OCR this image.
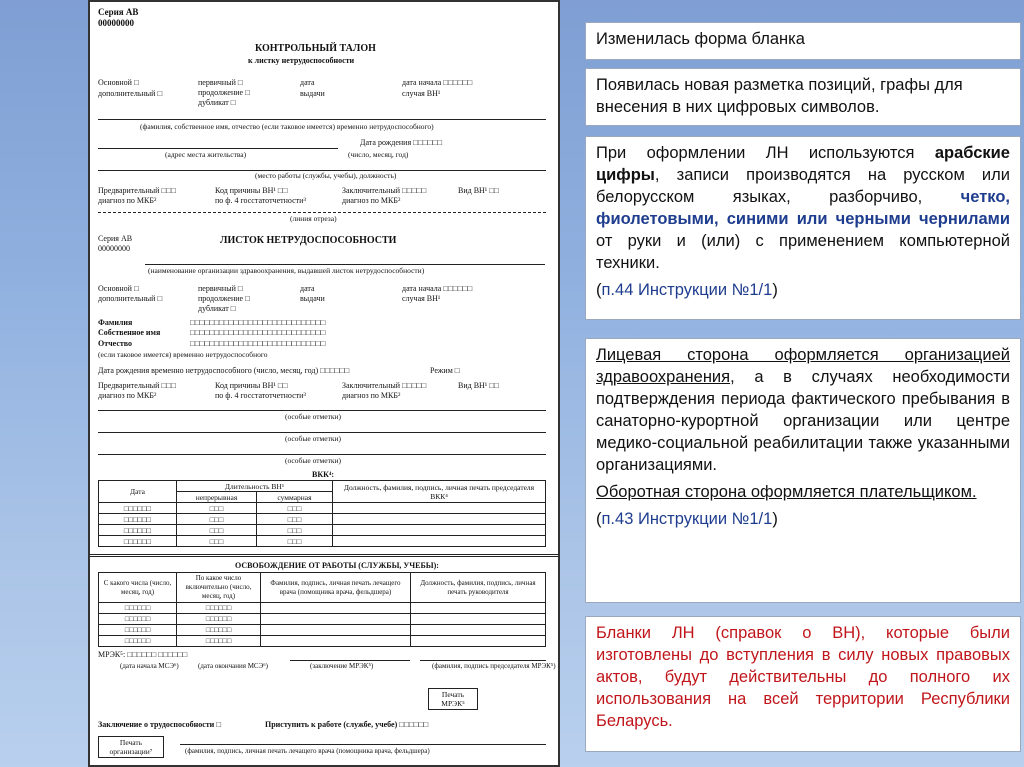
Серия АВ
00000000
КОНТРОЛЬНЫЙ ТАЛОН
к листку нетрудоспособности
Основной □
дополнительный □
первичный □
продолжение □
дубликат □
дата
выдачи
дата начала □□□□□□
случая ВН¹
(фамилия, собственное имя, отчество (если таковое имеется) временно нетрудоспособного)
Дата рождения □□□□□□
(число, месяц, год)
(адрес места жительства)
(место работы (службы, учебы), должность)
Предварительный □□□
диагноз по МКБ²
Код причины ВН¹ □□
по ф. 4 госстатотчетности³
Заключительный □□□□□
диагноз по МКБ²
Вид ВН¹ □□
(линия отреза)
Серия АВ
00000000
ЛИСТОК НЕТРУДОСПОСОБНОСТИ
(наименование организации здравоохранения, выдавшей листок нетрудоспособности)
Основной □
дополнительный □
первичный □
продолжение □
дубликат □
дата
выдачи
дата начала □□□□□□
случая ВН¹
Фамилия	□□□□□□□□□□□□□□□□□□□□□□□□□□□□
Собственное имя	□□□□□□□□□□□□□□□□□□□□□□□□□□□□
Отчество	□□□□□□□□□□□□□□□□□□□□□□□□□□□□
(если таковое имеется) временно нетрудоспособного
Дата рождения временно нетрудоспособного (число, месяц, год) □□□□□□	Режим □
Предварительный □□□
диагноз по МКБ²
Код причины ВН¹ □□
по ф. 4 госстатотчетности³
Заключительный □□□□□
диагноз по МКБ²
Вид ВН¹ □□
(особые отметки)
(особые отметки)
(особые отметки)
ВКК⁴:
Дата	Длительность ВН¹		Должность, фамилия, подпись, личная печать председателя ВКК⁴
	непрерывная	суммарная	
□□□□□□	□□□	□□□	
□□□□□□	□□□	□□□	
□□□□□□	□□□	□□□	
□□□□□□	□□□	□□□	
ОСВОБОЖДЕНИЕ ОТ РАБОТЫ (СЛУЖБЫ, УЧЕБЫ):
С какого числа (число, месяц, год)	По какое число включительно (число, месяц, год)	Фамилия, подпись, личная печать лечащего врача (помощника врача, фельдшера)	Должность, фамилия, подпись, личная печать руководителя
□□□□□□	□□□□□□		
□□□□□□	□□□□□□		
□□□□□□	□□□□□□		
□□□□□□	□□□□□□		
МРЭК⁵: □□□□□□ □□□□□□
(дата начала МСЭ⁶)	(дата окончания МСЭ⁶)	(заключение МРЭК⁵)	(фамилия, подпись председателя МРЭК⁵)
Печать МРЭК⁵
Заключение о трудоспособности □	Приступить к работе (службе, учебе) □□□□□□
Печать организации⁷	(фамилия, подпись, личная печать лечащего врача (помощника врача, фельдшера)
Изменилась форма бланка
Появилась новая разметка позиций, графы для внесения в них цифровых символов.
При оформлении ЛН используются арабские цифры, записи производятся на русском или белорусском языках, разборчиво, четко, фиолетовыми, синими или черными чернилами от руки и (или) с применением компьютерной техники.
(п.44 Инструкции №1/1)
Лицевая сторона оформляется организацией здравоохранения, а в случаях необходимости подтверждения периода фактического пребывания в санаторно-курортной организации или центре медико-социальной реабилитации также указанными организациями.
Оборотная сторона оформляется плательщиком.
(п.43 Инструкции №1/1)
Бланки ЛН (справок о ВН), которые были изготовлены до вступления в силу новых правовых актов, будут действительны до полного их использования на всей территории Республики Беларусь.
